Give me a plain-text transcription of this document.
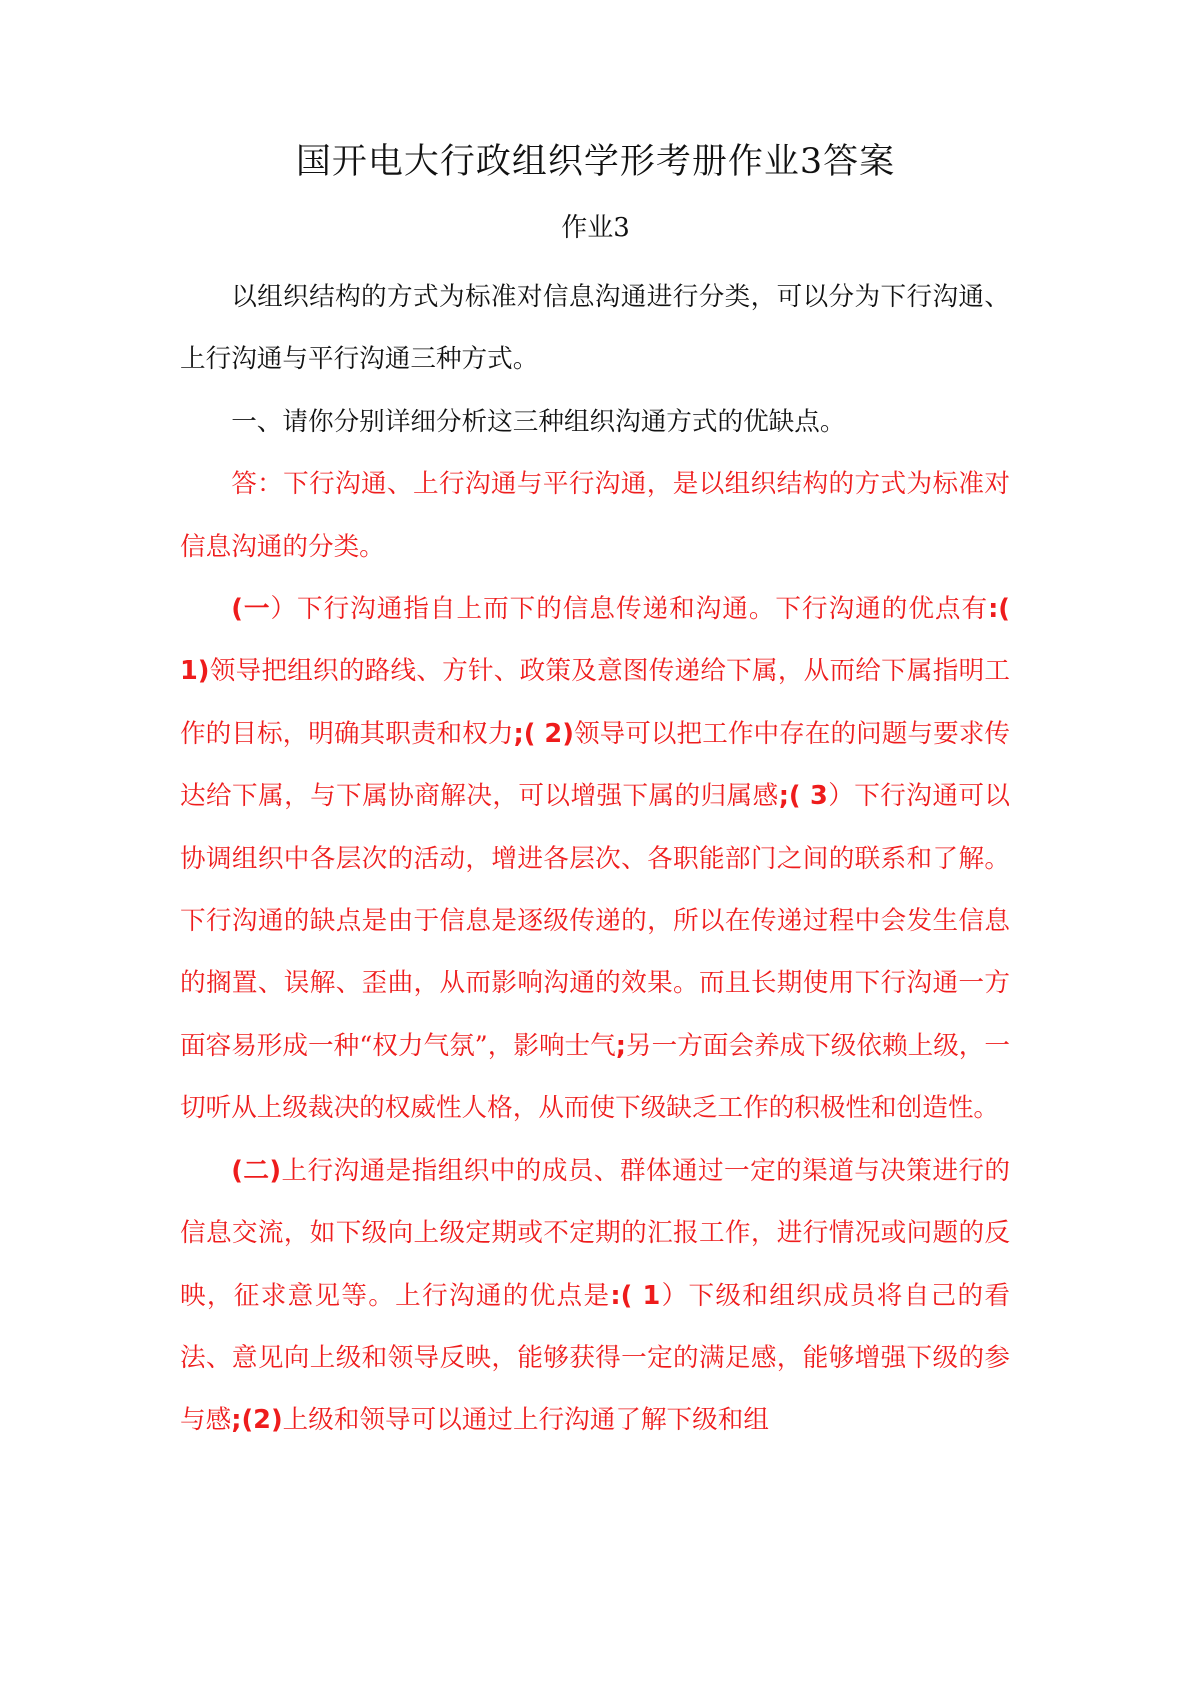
国开电大行政组织学形考册作业3答案
作业3

以组织结构的方式为标准对信息沟通进行分类，可以分为下行沟通、上行沟通与平行沟通三种方式。

一、请你分别详细分析这三种组织沟通方式的优缺点。

答：下行沟通、上行沟通与平行沟通，是以组织结构的方式为标准对信息沟通的分类。

(一）下行沟通指自上而下的信息传递和沟通。下行沟通的优点有:( 1)领导把组织的路线、方针、政策及意图传递给下属，从而给下属指明工作的目标，明确其职责和权力;( 2)领导可以把工作中存在的问题与要求传达给下属，与下属协商解决，可以增强下属的归属感;( 3）下行沟通可以协调组织中各层次的活动，增进各层次、各职能部门之间的联系和了解。下行沟通的缺点是由于信息是逐级传递的，所以在传递过程中会发生信息的搁置、误解、歪曲，从而影响沟通的效果。而且长期使用下行沟通一方面容易形成一种“权力气氛”，影响士气;另一方面会养成下级依赖上级，一切听从上级裁决的权威性人格，从而使下级缺乏工作的积极性和创造性。

(二)上行沟通是指组织中的成员、群体通过一定的渠道与决策进行的信息交流，如下级向上级定期或不定期的汇报工作，进行情况或问题的反映，征求意见等。上行沟通的优点是:( 1）下级和组织成员将自己的看法、意见向上级和领导反映，能够获得一定的满足感，能够增强下级的参与感;(2)上级和领导可以通过上行沟通了解下级和组
